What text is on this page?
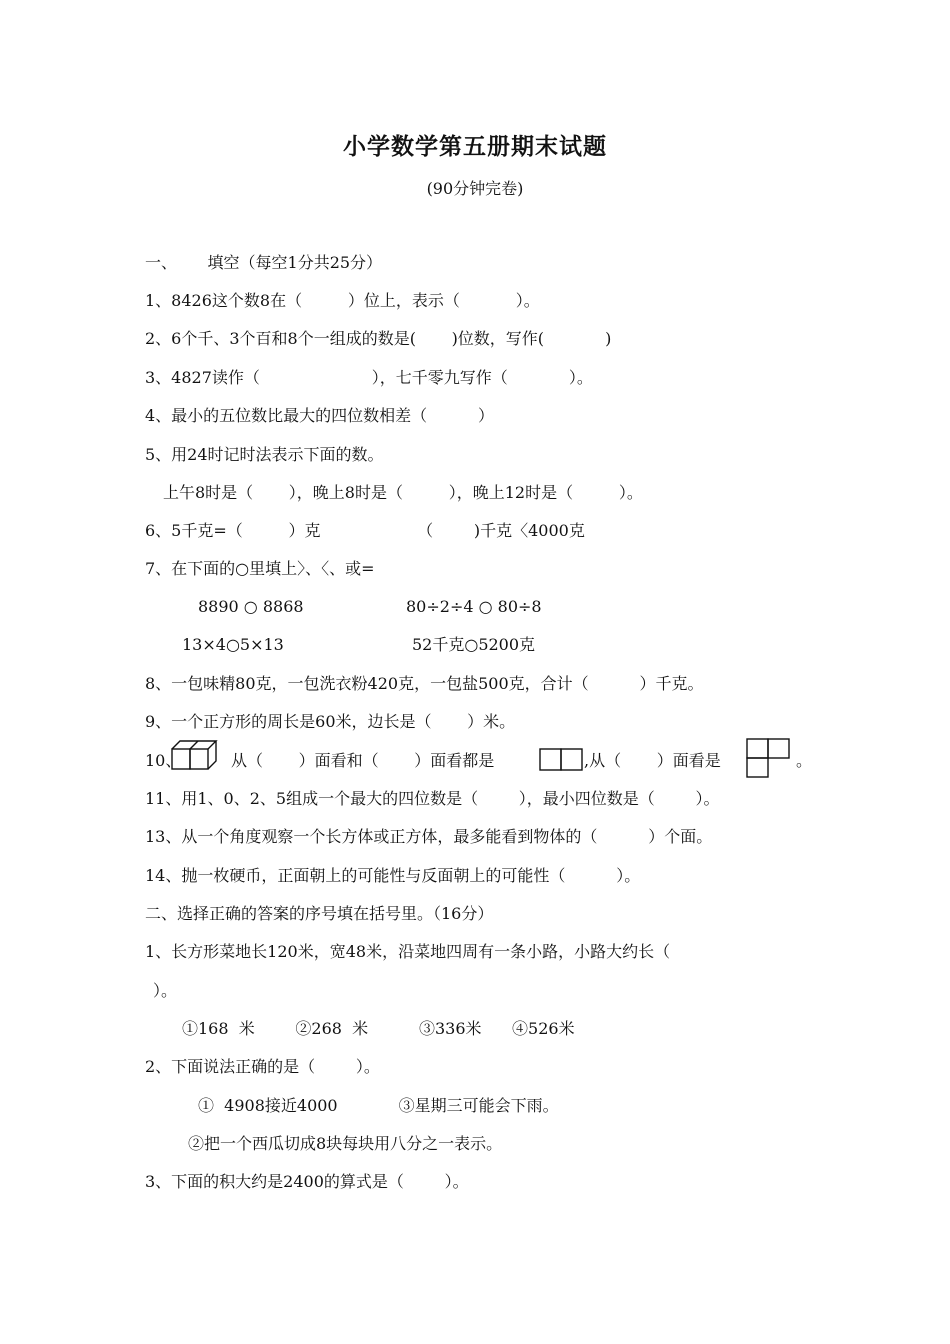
小学数学第五册期末试题
(90分钟完卷)
一、      填空（每空1分共25分）
1、8426这个数8在（         ）位上，表示（           ）。
2、6个千、3个百和8个一组成的数是(       )位数，写作(            )
3、4827读作（                      ），七千零九写作（            ）。
4、最小的五位数比最大的四位数相差（          ）
5、用24时记时法表示下面的数。
上午8时是（       ），晚上8时是（         ），晚上12时是（         ）。
6、5千克=（         ）克                   （        )千克〈4000克
7、在下面的○里填上〉、〈、或=
8890 ○ 8868	80÷2÷4 ○ 80÷8
13×4○5×13	52千克○5200克
8、一包味精80克，一包洗衣粉420克，一包盐500克，合计（          ）千克。
9、一个正方形的周长是60米，边长是（       ）米。
10、	从（       ）面看和（       ）面看都是	,从（       ）面看是	。
11、用1、0、2、5组成一个最大的四位数是（        ），最小四位数是（        ）。
13、从一个角度观察一个长方体或正方体，最多能看到物体的（          ）个面。
14、抛一枚硬币，正面朝上的可能性与反面朝上的可能性（          ）。
二、选择正确的答案的序号填在括号里。（16分）
1、长方形菜地长120米，宽48米，沿菜地四周有一条小路，小路大约长（
）。
①168  米        ②268  米          ③336米      ④526米
2、下面说法正确的是（        ）。
①  4908接近4000            ③星期三可能会下雨。
②把一个西瓜切成8块每块用八分之一表示。
3、下面的积大约是2400的算式是（        ）。
